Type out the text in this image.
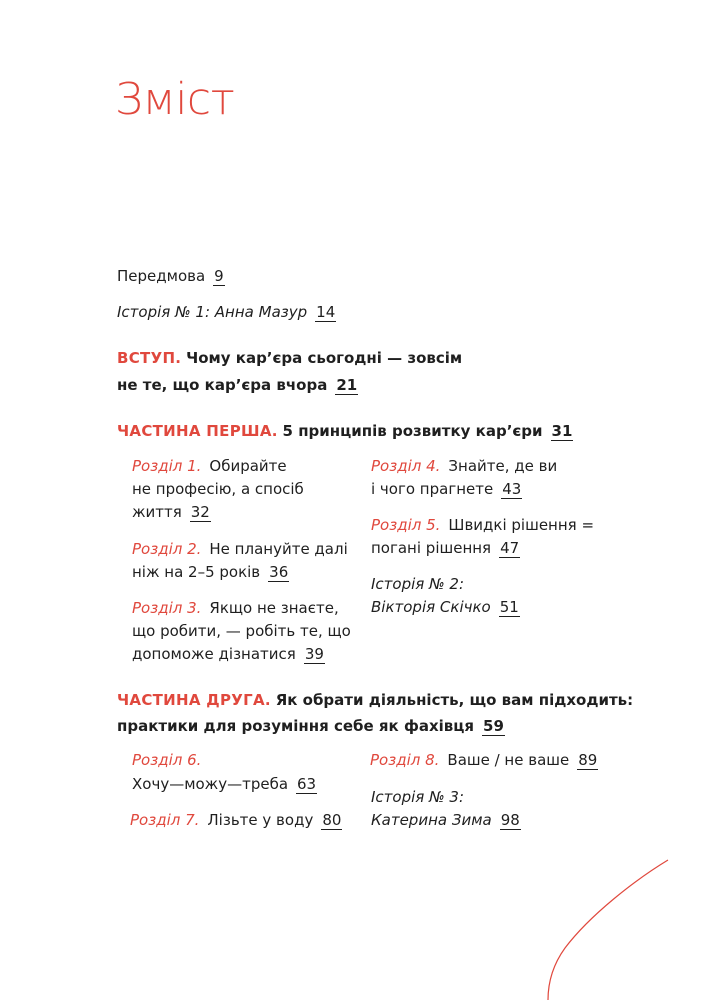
Зміст
Передмова 9
Історія № 1: Анна Мазур 14
ВСТУП. Чому кар’єра сьогодні — зовсім
не те, що кар’єра вчора 21
ЧАСТИНА ПЕРША. 5 принципів розвитку кар’єри 31
Розділ 1. Обирайте
не професію, а спосіб
життя 32
Розділ 2. Не плануйте далі
ніж на 2–5 років 36
Розділ 3. Якщо не знаєте,
що робити, — робіть те, що
допоможе дізнатися 39
Розділ 4. Знайте, де ви
і чого прагнете 43
Розділ 5. Швидкі рішення =
погані рішення 47
Історія № 2:
Вікторія Скічко 51
ЧАСТИНА ДРУГА. Як обрати діяльність, що вам підходить:
практики для розуміння себе як фахівця 59
Розділ 6.
Хочу—можу—треба 63
Розділ 7. Лізьте у воду 80
Розділ 8. Ваше / не ваше 89
Історія № 3:
Катерина Зима 98
